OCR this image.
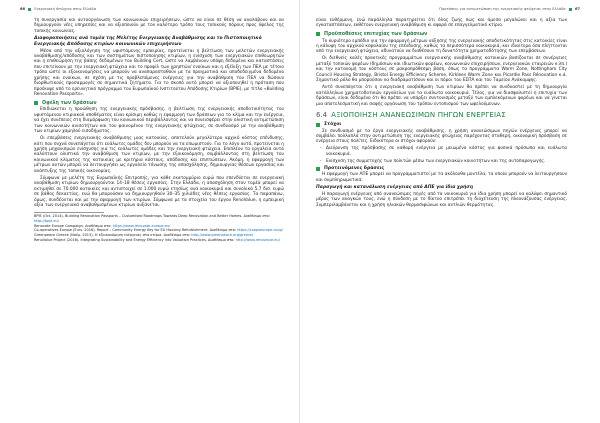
66	Ενεργειακή Φτώχεια στην Ελλάδα

τη συνεργασία και αυτοοργάνωση των κοινωνικών επιχειρήσεων, ώστε να είναι σε θέση να αναλάβουν και να δημιουργούν νέες υπηρεσίες και να αξιοποιούν με τον καλύτερο τρόπο τους τοπικούς πόρους προς όφελος της τοπικής κοινωνίας.

Διαφοροποιήσεις ανά τομέα της Μελέτης Ενεργειακής Αναβάθμισης και το Πιστοποιητικό Ενεργειακής Απόδοσης κτιρίων κοινωνικών επιχειρήσεων

Μέσα από την αξιολόγηση της υφιστάμενης εμπειρίας, προτείνεται η βελτίωση των μελετών ενεργειακής αναβάθμισης/απόδοσης και των συστημάτων πιστοποίησης κτιρίων, η ενίσχυση των ενεργειακών επιθεωρητών και η επιθεώρηση της βάσης δεδομένων του Building Cert, ώστε να λαμβάνουν υπόψη δεδομένα και καταστάσεις που επιτείνουν με την ενεργειακή φτώχεια και το προφίλ των χρηστών/ ενοίκων και η εξέλιξη των ΠΕΑ με τέτοιο τρόπο ώστε οι εξοικονομήσεις να μπορούν να αναπαρασταθούν με τα πραγματικά και αποδεδειγμένα δεδομένα χρήσης και ενοίκων, σε σχέση με τις προβλεπόμενες ενέργειες για την αναβάθμιση του ΠΕΑ να δώσουν διορθωτικούς προσαρμογές σε σημαντικά ζητήματα. Για το σκοπό αυτό μπορεί να αξιοποιηθεί η πρόταση που προέκυψε από το ερευνητικό πρόγραμμα του Ευρωπαϊκού Ινστιτούτου Απόδοσης Κτιρίων (BPIE), με τίτλο «Building Renovation Passports».

Οφέλη των δράσεων

Επιδιώκεται η προώθηση της ενεργειακής πρόσβασης, η βελτίωση της ενεργειακής αποδοτικότητας του υφιστάμενου κτιριακού αποθέματος είναι κρίσιμη καθώς η εφαρμογή των δράσεων για το κλίμα και την ενέργεια, να έχει συνέπειες στη διαμόρφωση του κοινωνικού περιβάλλοντος και να συνεισφέρει στην ολιστική αντιμετώπιση των κοινωνικών ανισοτήτων και του φαινομένου της ενεργειακής φτώχειας, σε συνδυασμό με την αναβάθμιση των κτιρίων χαμηλού εισοδήματος.

Οι επεμβάσεις ενεργειακής αναβάθμισης μιας κατοικίας, αποτελούν μεγαλύτερο αρχικό κόστος επένδυσης, κάτι που συχνά συνεπάγεται ότι ευάλωτες ομάδες δεν μπορούν να τα επωμιστούν. Για το λόγο αυτό, προτείνεται η χρήση μηχανισμών ενίσχυσης για τις ευάλωτες ομάδες και την ενεργειακή φτώχεια. Επιπλέον τα εργαλεία αυτά καλύπτουν ολιστικά την αναβάθμιση των κτιρίων, με την εξοικονόμηση, συμβάλλοντας στη βελτίωση του κοινωνικού κλίματος της κατοικίας με κριτήρια κόστους, απόδοσης και επιπτώσεων. Ακόμη, η εφαρμογή των μέτρων αυτών μπορεί να λειτουργήσει ως εργαλείο τόνωσης της απασχόλησης, δημιουργίας θέσεων εργασίας και ανάπτυξης της τοπικής οικονομίας.

Σύμφωνα με μελέτη της Ευρωπαϊκής Επιτροπής, για κάθε εκατομμύριο ευρώ που επενδύεται σε ενεργειακή αναβάθμιση κτιρίων δημιουργούνται 14–18 θέσεις εργασίας. Στην Ελλάδα, η απασχόληση στον τομέα μπορεί να εκτιμηθεί σε 70.000 κατοικίες και αντιστοιχεί σε 1.000 ευρώ ετησίως ανά νοικοκυριό και συνολικά 5,7 δισ. ευρώ σε βάθος δεκαετίας, ενώ θα μπορούσαν να δημιουργηθούν 30–35 χιλιάδες νέες θέσεις εργασίας. Τα παραπάνω, όμως, συνδέονται και με την εφαρμογή των κτιρίων. Σύμφωνα με τα στοιχεία του έργου RenoValue, η εμπειρική αξία των ενεργειακά αναβαθμισμένων κτιρίων αυξάνεται.

BPIE (Oct. 2014). Building Renovation Passports – Customised Roadmaps Towards Deep Renovation and Better Homes. Διαθέσιμο στο: http://bpie.eu/

Renovate Europe Campaign. Διαθέσιμο στο: https://www.renovate-europe.eu/

Co-operatives Europe (Eurs. 2016). Report – Community Energy Key for EU Housing Refurbishment. Διαθέσιμο στο: https://coopseurope.coop/

Greenpeace Greece (Νοέμ. 2013). Η εξοικονόμηση ενέργειας στα κτίρια. Διαθέσιμο στο: http://www.greenpeace.org/greece/

RenoValue Project (2016). Integrating Sustainability and Energy Efficiency into Valuation Practices. Διαθέσιμο στο: http://www.renovalue.eu/

Προτάσεις για αντιμετώπιση της ενεργειακής φτώχειας στην Ελλάδα	67

είναι ευθέρμενη, ενώ παράλληλα παρατηρείται ότι όλος ζωής πως και άμεσα μεγαλώνει και η αξία των εγκαταστάσεων, εκθέτουν ενεργειακή αναβάθμιση κι αφορά σε επαγγελματικό κτίριο.

Προϋποθέσεις επιτυχίας των δράσεων

Το κυριότερο εμπόδιο για την εφαρμογή μέτρων αύξησης της ενεργειακής αποδοτικότητας στις κατοικίες είναι η κάλυψη του αρχικού κεφαλαίου της επένδυσης, καθώς τα περισσότερα νοικοκυριά, και ιδιαίτερα όσα πλήττονται από την ενεργειακή φτώχεια, αδυνατούν να διαθέσουν τη δυνατότητα χρηματοδότησης των επεμβάσεων.

Οι διεθνείς καλές πρακτικές προγραμμάτων ενεργειακής αναβάθμισης κατοικιών βασίζονται σε συνέργειες μεταξύ τοπικών φορέων (δημόσιων και ιδιωτικών φορέων, κοινωνικών επιχειρήσεων, ενεργειακών εταιρειών κ.λπ.) και την κατανομή του κόστους σε μακροπρόθεσμη βάση, όπως τα προγράμματα Warm Zone, Nottingham City Council Housing Strategy, Bristol Energy Efficiency Scheme, Kirklees Warm Zone και Picardie Pass Rénovation κ.ά. Σημαντικό ρόλο θα μπορούσαν να διαδραματίσουν και οι πόροι του ΕΣΠΑ και του Ταμείου Ανάκαμψης.

Αυτό συνεπάγεται ότι η ενεργειακή αναβάθμιση των κτιρίων θα πρέπει να συνδυαστεί με τη δημιουργία κατάλληλων χρηματοδοτικών εργαλείων για τα ευάλωτα νοικοκυριά. Τέλος, για να διασφαλιστεί η επιτυχία των δράσεων, είναι δεδομένο ότι θα πρέπει να υπάρξει συντονισμός μεταξύ των εμπλεκόμενων φορέων και να γίνεται μια αποτελεσματική και σαφής οργάνωση του τρόπου εντοπισμού των ωφελούμενων.

6.4 ΑΞΙΟΠΟΙΗΣΗ ΑΝΑΝΕΩΣΙΜΩΝ ΠΗΓΩΝ ΕΝΕΡΓΕΙΑΣ
Στόχοι

Σε συνδυασμό με τα έργα ενεργειακής αναβάθμισης, η χρήση ανανεώσιμων πηγών ενέργειας μπορεί να συμβάλει πολλαπλά στην αντιμετώπιση της ενεργειακής φτώχειας παρέχοντας σταθερή, οικονομική πρόσβαση σε ενέργεια στους πολίτες. Ειδικότερα οι στόχοι αφορούν:

- Διεύρυνση της πρόσβασης σε καθαρή ενέργεια με μειωμένο κόστος για φυσικά πρόσωπα και ευάλωτα νοικοκυριά.
- Ενίσχυση της συμμετοχής των πολιτών μέσω των ενεργειακών κοινοτήτων και της αυτοπαραγωγής.
Προτεινόμενες δράσεις

Η εφαρμογή των ΑΠΕ μπορεί να προγραμματιστεί με τα ακόλουθα μοντέλα, τα οποία μπορούν να λειτουργήσουν και συμπληρωματικά:

Παραγωγή και κατανάλωση ενέργειας από ΑΠΕ για ίδια χρήση

Η παραγωγή ενέργειας από ανανεώσιμες πηγές από τα νοικοκυριά για ίδια χρήση μπορεί να καλύψει σημαντικό μέρος των αναγκών τους, ενώ η σύνδεση με το δίκτυο επιτρέπει τη διοχέτευση της πλεονάζουσας ενέργειας. Συμπεριλαμβάνεται και η χρήση ηλιακών θερμοσιφώνων και αντλιών θερμότητας.
